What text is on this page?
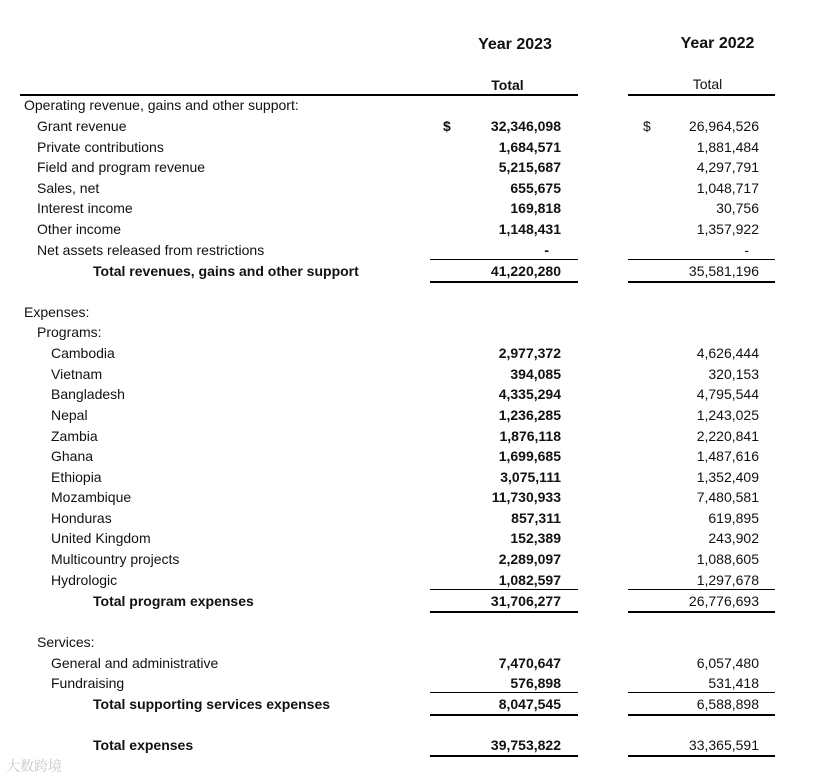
Year 2023	Year 2022
Total	Total
Operating revenue, gains and other support:
Grant revenue	$	32,346,098	$	26,964,526
Private contributions	1,684,571	1,881,484
Field and program revenue	5,215,687	4,297,791
Sales, net	655,675	1,048,717
Interest income	169,818	30,756
Other income	1,148,431	1,357,922
Net assets released from restrictions	-	-
Total revenues, gains and other support	41,220,280	35,581,196
Expenses:
Programs:
Cambodia	2,977,372	4,626,444
Vietnam	394,085	320,153
Bangladesh	4,335,294	4,795,544
Nepal	1,236,285	1,243,025
Zambia	1,876,118	2,220,841
Ghana	1,699,685	1,487,616
Ethiopia	3,075,111	1,352,409
Mozambique	11,730,933	7,480,581
Honduras	857,311	619,895
United Kingdom	152,389	243,902
Multicountry projects	2,289,097	1,088,605
Hydrologic	1,082,597	1,297,678
Total program expenses	31,706,277	26,776,693
Services:
General and administrative	7,470,647	6,057,480
Fundraising	576,898	531,418
Total supporting services expenses	8,047,545	6,588,898
Total expenses	39,753,822	33,365,591
大数跨境
